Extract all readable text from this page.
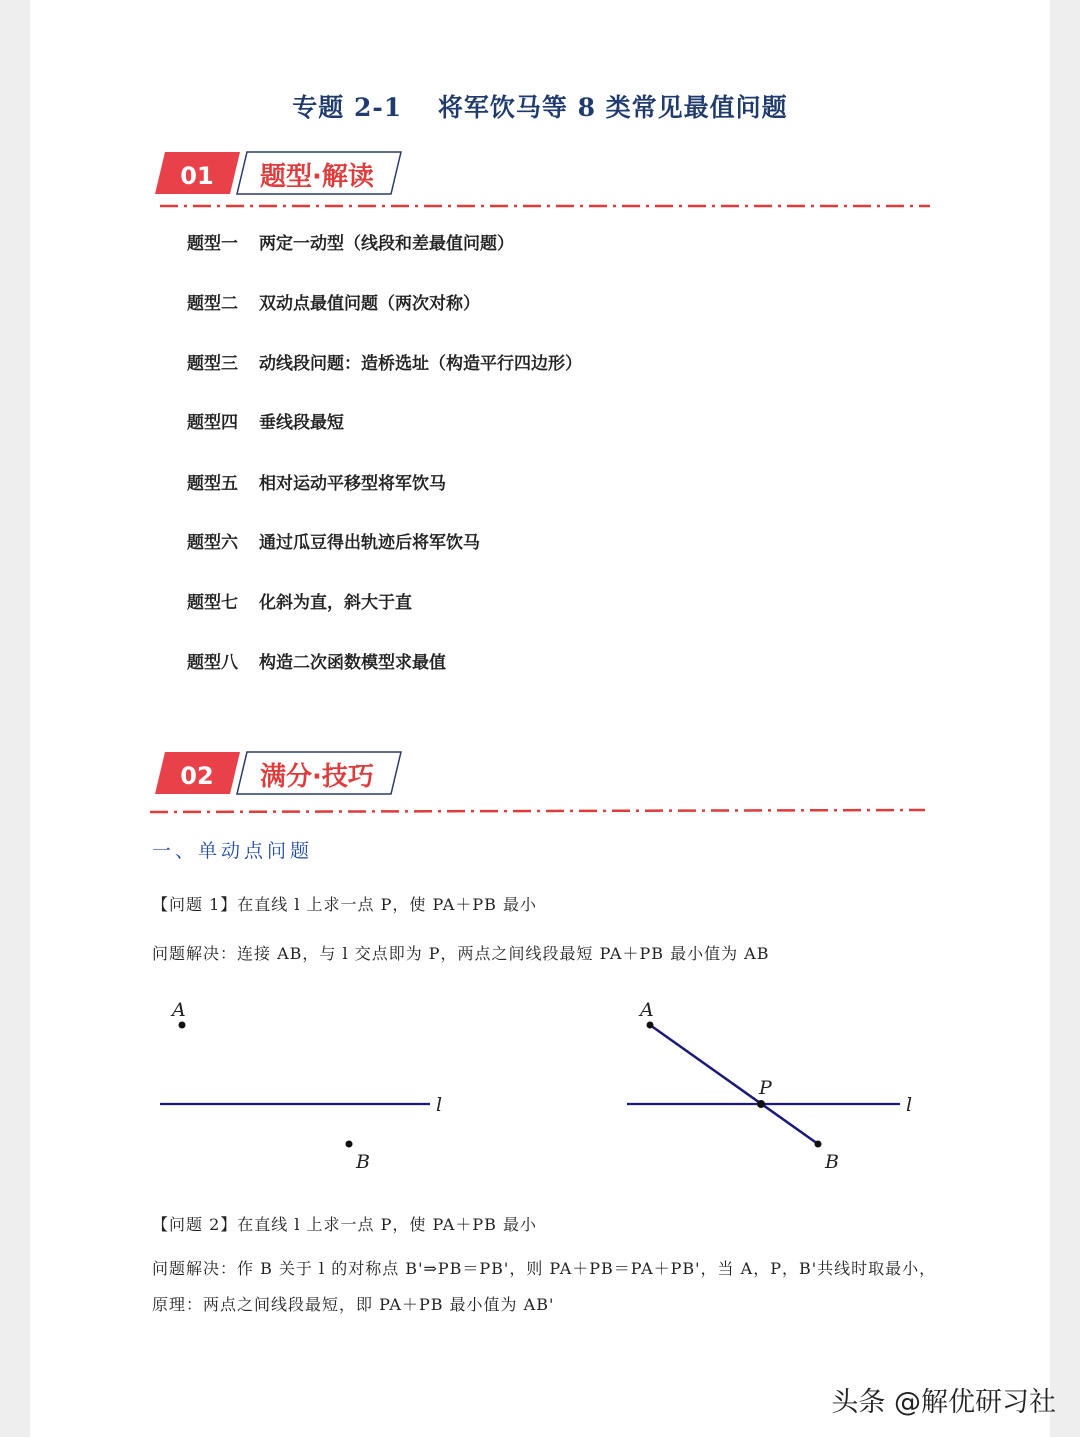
专题 2-1　 将军饮马等 8 类常见最值问题
01	题型·解读
题型一 两定一动型（线段和差最值问题）
题型二 双动点最值问题（两次对称）
题型三 动线段问题：造桥选址（构造平行四边形）
题型四 垂线段最短
题型五 相对运动平移型将军饮马
题型六 通过瓜豆得出轨迹后将军饮马
题型七 化斜为直，斜大于直
题型八 构造二次函数模型求最值
02	满分·技巧
一、单动点问题
【问题 1】在直线 l 上求一点 P，使 PA＋PB 最小
问题解决：连接 AB，与 l 交点即为 P，两点之间线段最短 PA＋PB 最小值为 AB
A
l
B
l
A
P
B
【问题 2】在直线 l 上求一点 P，使 PA＋PB 最小
问题解决：作 B 关于 l 的对称点 B'⇒PB＝PB'，则 PA＋PB＝PA＋PB'，当 A，P，B'共线时取最小，
原理：两点之间线段最短，即 PA＋PB 最小值为 AB'
头条 @解优研习社
